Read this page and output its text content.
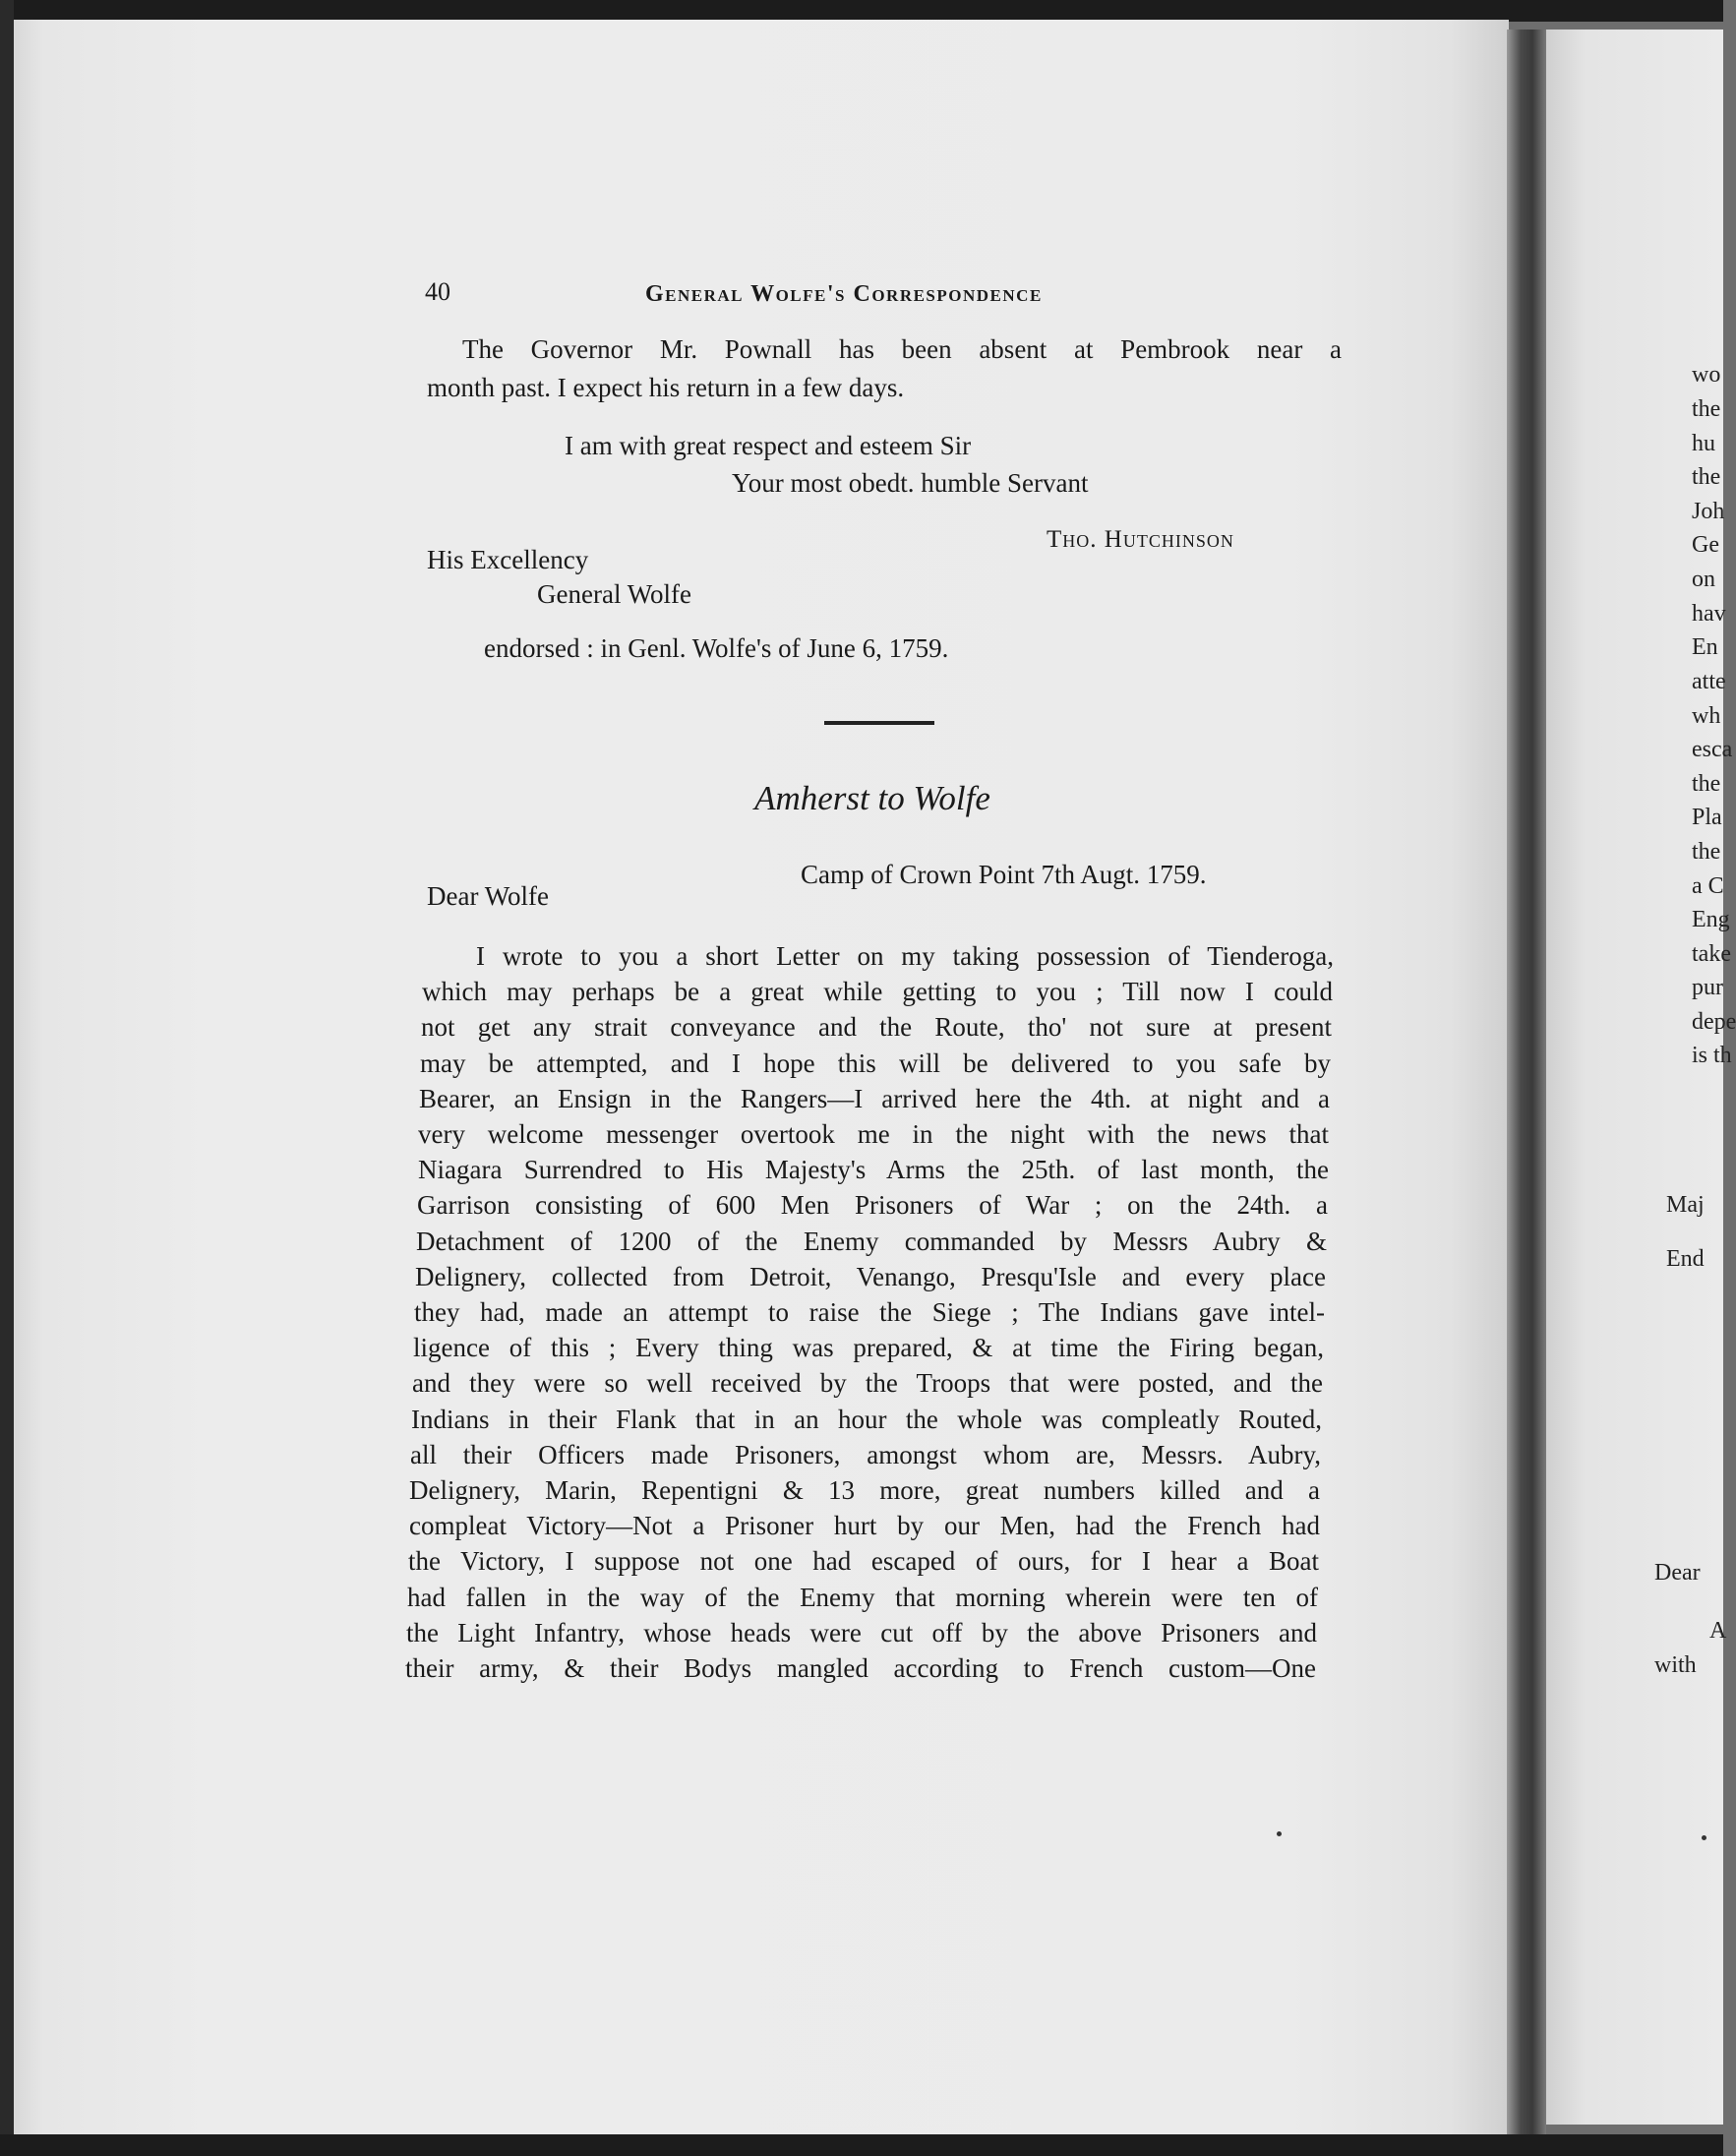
40	General Wolfe's Correspondence
The Governor Mr. Pownall has been absent at Pembrook near a
month past. I expect his return in a few days.
I am with great respect and esteem Sir
Your most obedt. humble Servant
Tho. Hutchinson
His Excellency
General Wolfe
endorsed : in Genl. Wolfe's of June 6, 1759.
Amherst to Wolfe
Camp of Crown Point 7th Augt. 1759.
Dear Wolfe
I wrote to you a short Letter on my taking possession of Tienderoga,
which may perhaps be a great while getting to you ; Till now I could
not get any strait conveyance and the Route, tho' not sure at present
may be attempted, and I hope this will be delivered to you safe by
Bearer, an Ensign in the Rangers—I arrived here the 4th. at night and a
very welcome messenger overtook me in the night with the news that
Niagara Surrendred to His Majesty's Arms the 25th. of last month, the
Garrison consisting of 600 Men Prisoners of War ; on the 24th. a
Detachment of 1200 of the Enemy commanded by Messrs Aubry &
Delignery, collected from Detroit, Venango, Presqu'Isle and every place
they had, made an attempt to raise the Siege ; The Indians gave intel-
ligence of this ; Every thing was prepared, & at time the Firing began,
and they were so well received by the Troops that were posted, and the
Indians in their Flank that in an hour the whole was compleatly Routed,
all their Officers made Prisoners, amongst whom are, Messrs. Aubry,
Delignery, Marin, Repentigni & 13 more, great numbers killed and a
compleat Victory—Not a Prisoner hurt by our Men, had the French had
the Victory, I suppose not one had escaped of ours, for I hear a Boat
had fallen in the way of the Enemy that morning wherein were ten of
the Light Infantry, whose heads were cut off by the above Prisoners and
their army, & their Bodys mangled according to French custom—One
wo
the
hu
the
Joh
Ge
on
hav
En
atte
wh
esca
the
Pla
the
a C
Eng
take
pur
depe
is th
Maj
End
Dear
A
with
